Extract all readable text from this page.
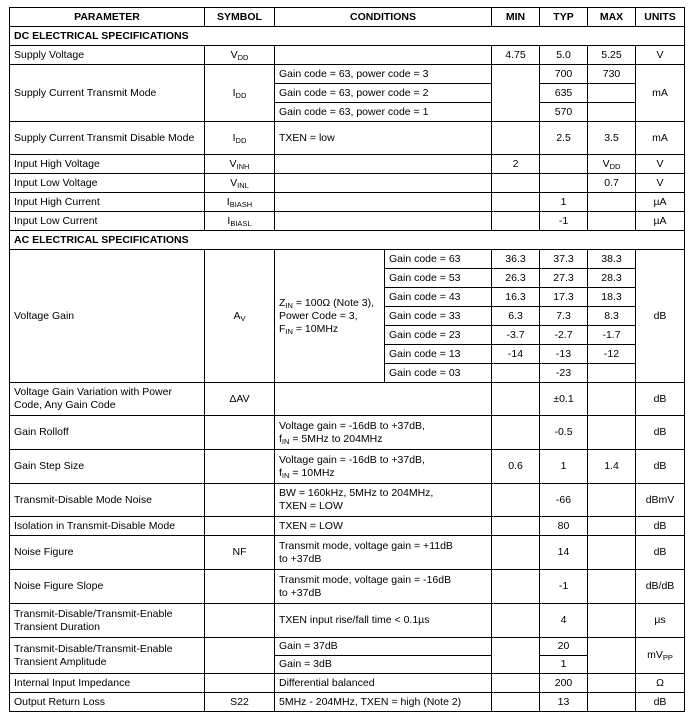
PARAMETER	SYMBOL	CONDITIONS		MIN	TYP	MAX	UNITS
DC ELECTRICAL SPECIFICATIONS							
Supply Voltage	$V_{DD}$			4.75	5.0	5.25	V
Supply Current Transmit Mode	$I_{DD}$	Gain code = 63, power code = 3			700	730	mA
		Gain code = 63, power code = 2			635		
		Gain code = 63, power code = 1			570		
Supply Current Transmit Disable Mode	$I_{DD}$	TXEN = low			2.5	3.5	mA
Input High Voltage	$V_{INH}$			2		$V_{DD}$	V
Input Low Voltage	$V_{INL}$					0.7	V
Input High Current	$I_{BIASH}$				1		µA
Input Low Current	$I_{BIASL}$				-1		µA
AC ELECTRICAL SPECIFICATIONS							
Voltage Gain	$A_V$	$Z_{IN} = 100\Omega$ (Note 3),
Power Code = 3,
$F_{IN} = 10MHz$	Gain code = 63	36.3	37.3	38.3	dB
			Gain code = 53	26.3	27.3	28.3	
			Gain code = 43	16.3	17.3	18.3	
			Gain code = 33	6.3	7.3	8.3	
			Gain code = 23	-3.7	-2.7	-1.7	
			Gain code = 13	-14	-13	-12	
			Gain code = 03		-23		
Voltage Gain Variation with Power Code, Any Gain Code	ΔAV				±0.1		dB
Gain Rolloff		Voltage gain = -16dB to +37dB,
$f_{IN} = 5MHz$ to 204MHz			-0.5		dB
Gain Step Size		Voltage gain = -16dB to +37dB,
$f_{IN} = 10MHz$		0.6	1	1.4	dB
Transmit-Disable Mode Noise		BW = 160kHz, 5MHz to 204MHz,
TXEN = LOW			-66		dBmV
Isolation in Transmit-Disable Mode		TXEN = LOW			80		dB
Noise Figure	NF	Transmit mode, voltage gain = +11dB
to +37dB			14		dB
Noise Figure Slope		Transmit mode, voltage gain = -16dB
to +37dB			-1		dB/dB
Transmit-Disable/Transmit-Enable Transient Duration		TXEN input rise/fall time < 0.1µs			4		µs
Transmit-Disable/Transmit-Enable Transient Amplitude		Gain = 37dB			20		$mV_{PP}$
		Gain = 3dB			1		
Internal Input Impedance		Differential balanced			200		Ω
Output Return Loss	S22	5MHz - 204MHz, TXEN = high (Note 2)			13		dB
